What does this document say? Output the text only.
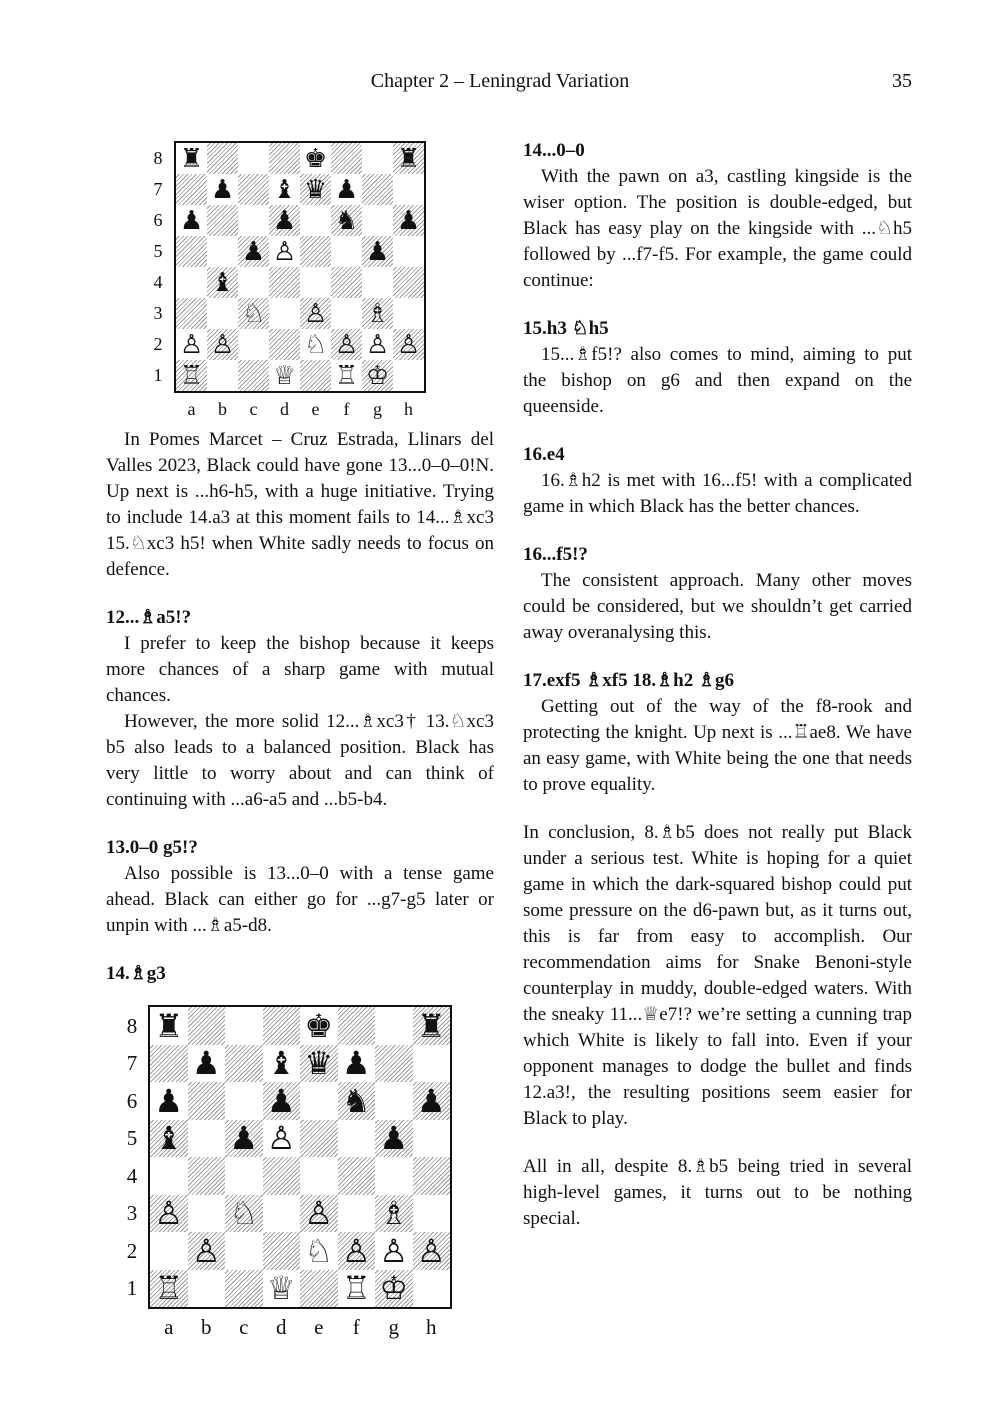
Chapter 2 – Leningrad Variation	35
♜	♚	♜
♟ ♝ ♛ ♟
♟	♟ ♞ ♟
♟ ♙	♟
♝
♘ ♙ ♗
♙ ♙	♘ ♙ ♙ ♙
♖	♕ ♖ ♔
8
7
6
5
4
3
2
1
a	b	c	d	e	f	g	h

In Pomes Marcet – Cruz Estrada, Llinars del Valles 2023, Black could have gone 13...0–0–0!N. Up next is ...h6-h5, with a huge initiative. Trying to include 14.a3 at this moment fails to 14...♗xc3 15.♘xc3 h5! when White sadly needs to focus on defence.

12...♗a5!?

I prefer to keep the bishop because it keeps more chances of a sharp game with mutual chances.

However, the more solid 12...♗xc3† 13.♘xc3 b5 also leads to a balanced position. Black has very little to worry about and can think of continuing with ...a6-a5 and ...b5-b4.

13.0–0 g5!?

Also possible is 13...0–0 with a tense game ahead. Black can either go for ...g7-g5 later or unpin with ...♗a5-d8.

14.♗g3

♜	♚	♜
♟ ♝ ♛ ♟
♟	♟ ♞ ♟
♝ ♟ ♙	♟
♙ ♘ ♙ ♗
♙	♘ ♙ ♙ ♙
♖	♕ ♖ ♔
8
7
6
5
4
3
2
1
a	b	c	d	e	f	g	h

14...0–0

With the pawn on a3, castling kingside is the wiser option. The position is double-edged, but Black has easy play on the kingside with ...♘h5 followed by ...f7-f5. For example, the game could continue:

15.h3 ♘h5

15...♗f5!? also comes to mind, aiming to put the bishop on g6 and then expand on the queenside.

16.e4

16.♗h2 is met with 16...f5! with a complicated game in which Black has the better chances.

16...f5!?

The consistent approach. Many other moves could be considered, but we shouldn’t get carried away overanalysing this.

17.exf5 ♗xf5 18.♗h2 ♗g6

Getting out of the way of the f8-rook and protecting the knight. Up next is ...♖ae8. We have an easy game, with White being the one that needs to prove equality.

In conclusion, 8.♗b5 does not really put Black under a serious test. White is hoping for a quiet game in which the dark-squared bishop could put some pressure on the d6-pawn but, as it turns out, this is far from easy to accomplish. Our recommendation aims for Snake Benoni-style counterplay in muddy, double-edged waters. With the sneaky 11...♕e7!? we’re setting a cunning trap which White is likely to fall into. Even if your opponent manages to dodge the bullet and finds 12.a3!, the resulting positions seem easier for Black to play.

All in all, despite 8.♗b5 being tried in several high-level games, it turns out to be nothing special.
